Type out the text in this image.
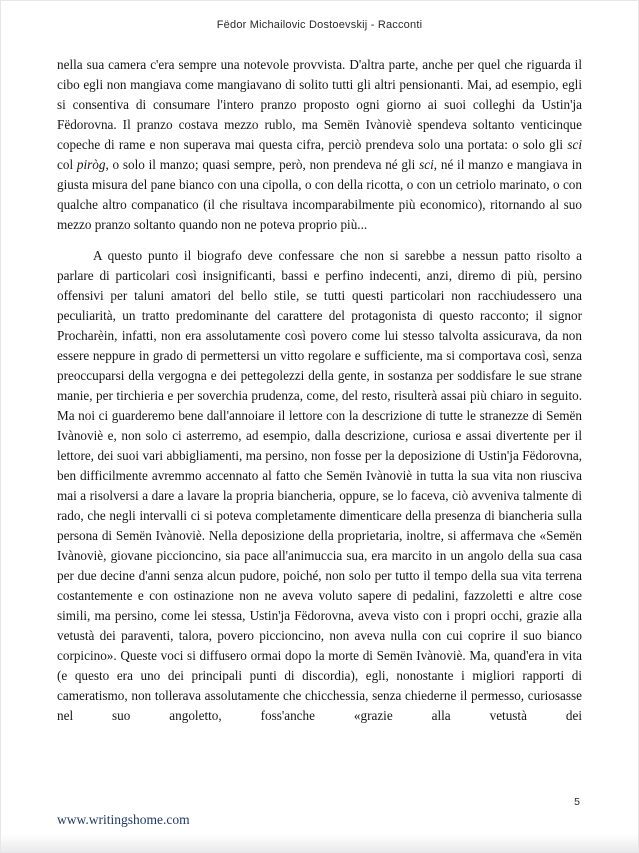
Fëdor Michailovic Dostoevskij - Racconti

nella sua camera c'era sempre una notevole provvista. D'altra parte, anche per quel che riguarda il cibo egli non mangiava come mangiavano di solito tutti gli altri pensionanti. Mai, ad esempio, egli si consentiva di consumare l'intero pranzo proposto ogni giorno ai suoi colleghi da Ustin'ja Fëdorovna. Il pranzo costava mezzo rublo, ma Semën Ivànoviè spendeva soltanto venticinque copeche di rame e non superava mai questa cifra, perciò prendeva solo una portata: o solo gli sci col piròg, o solo il manzo; quasi sempre, però, non prendeva né gli sci, né il manzo e mangiava in giusta misura del pane bianco con una cipolla, o con della ricotta, o con un cetriolo marinato, o con qualche altro companatico (il che risultava incomparabilmente più economico), ritornando al suo mezzo pranzo soltanto quando non ne poteva proprio più...

A questo punto il biografo deve confessare che non si sarebbe a nessun patto risolto a parlare di particolari così insignificanti, bassi e perfino indecenti, anzi, diremo di più, persino offensivi per taluni amatori del bello stile, se tutti questi particolari non racchiudessero una peculiarità, un tratto predominante del carattere del protagonista di questo racconto; il signor Procharèin, infatti, non era assolutamente così povero come lui stesso talvolta assicurava, da non essere neppure in grado di permettersi un vitto regolare e sufficiente, ma si comportava così, senza preoccuparsi della vergogna e dei pettegolezzi della gente, in sostanza per soddisfare le sue strane manie, per tirchieria e per soverchia prudenza, come, del resto, risulterà assai più chiaro in seguito. Ma noi ci guarderemo bene dall'annoiare il lettore con la descrizione di tutte le stranezze di Semën Ivànoviè e, non solo ci asterremo, ad esempio, dalla descrizione, curiosa e assai divertente per il lettore, dei suoi vari abbigliamenti, ma persino, non fosse per la deposizione di Ustin'ja Fëdorovna, ben difficilmente avremmo accennato al fatto che Semën Ivànoviè in tutta la sua vita non riusciva mai a risolversi a dare a lavare la propria biancheria, oppure, se lo faceva, ciò avveniva talmente di rado, che negli intervalli ci si poteva completamente dimenticare della presenza di biancheria sulla persona di Semën Ivànoviè. Nella deposizione della proprietaria, inoltre, si affermava che «Semën Ivànoviè, giovane piccioncino, sia pace all'animuccia sua, era marcito in un angolo della sua casa per due decine d'anni senza alcun pudore, poiché, non solo per tutto il tempo della sua vita terrena costantemente e con ostinazione non ne aveva voluto sapere di pedalini, fazzoletti e altre cose simili, ma persino, come lei stessa, Ustin'ja Fëdorovna, aveva visto con i propri occhi, grazie alla vetustà dei paraventi, talora, povero piccioncino, non aveva nulla con cui coprire il suo bianco corpicino». Queste voci si diffusero ormai dopo la morte di Semën Ivànoviè. Ma, quand'era in vita (e questo era uno dei principali punti di discordia), egli, nonostante i migliori rapporti di cameratismo, non tollerava assolutamente che chicchessia, senza chiederne il permesso, curiosasse nel suo angoletto, foss'anche «grazie alla vetustà dei

5
www.writingshome.com
